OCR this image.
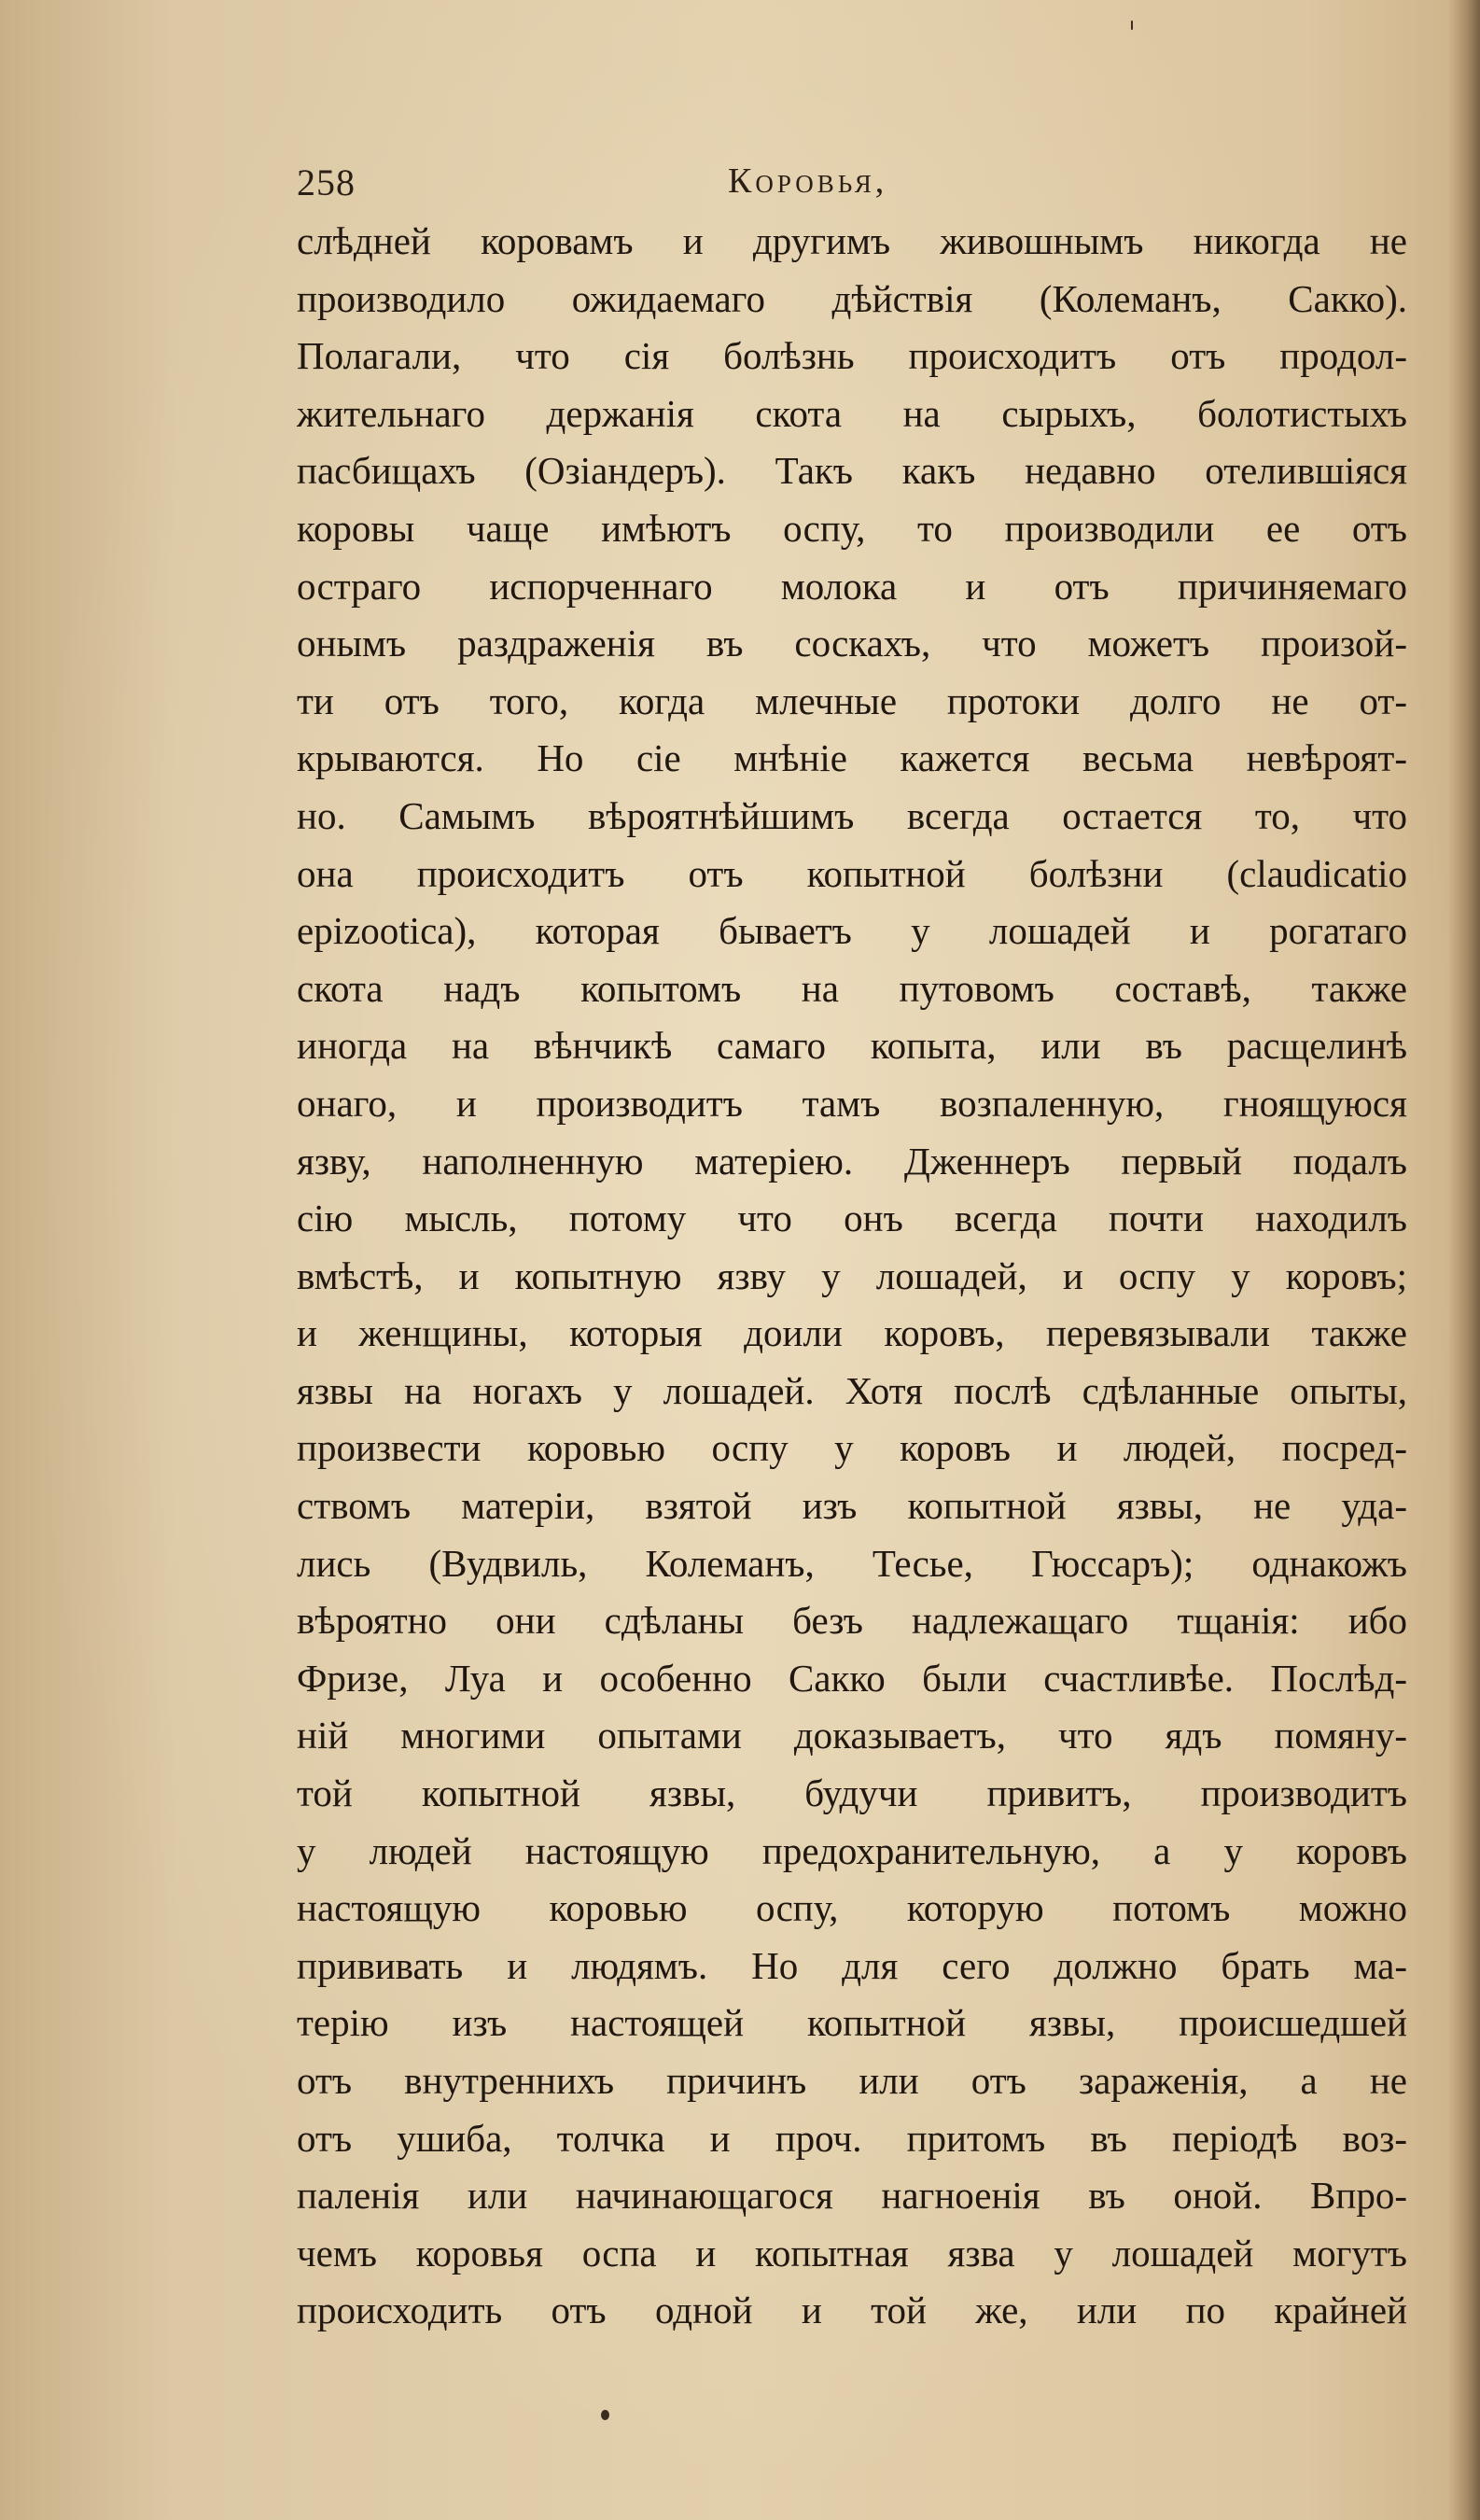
258	Коровья,
слѣдней коровамъ и другимъ живошнымъ никогда не
производило ожидаемаго дѣйствія (Колеманъ, Сакко).
Полагали, что сія болѣзнь происходитъ отъ продол-
жительнаго держанія скота на сырыхъ, болотистыхъ
пасбищахъ (Озіандеръ). Такъ какъ недавно отелившіяся
коровы чаще имѣютъ оспу, то производили ее отъ
остраго испорченнаго молока и отъ причиняемаго
онымъ раздраженія въ соскахъ, что можетъ произой-
ти отъ того, когда млечные протоки долго не от-
крываются. Но сіе мнѣніе кажется весьма невѣроят-
но. Самымъ вѣроятнѣйшимъ всегда остается то, что
она происходитъ отъ копытной болѣзни (claudicatio
epizootica), которая бываетъ у лошадей и рогатаго
скота надъ копытомъ на путовомъ составѣ, также
иногда на вѣнчикѣ самаго копыта, или въ расщелинѣ
онаго, и производитъ тамъ возпаленную, гноящуюся
язву, наполненную матеріею. Дженнеръ первый подалъ
сію мысль, потому что онъ всегда почти находилъ
вмѣстѣ, и копытную язву у лошадей, и оспу у коровъ;
и женщины, которыя доили коровъ, перевязывали также
язвы на ногахъ у лошадей. Хотя послѣ сдѣланные опыты,
произвести коровью оспу у коровъ и людей, посред-
ствомъ матеріи, взятой изъ копытной язвы, не уда-
лись (Вудвиль, Колеманъ, Тесье, Гюссаръ); однакожъ
вѣроятно они сдѣланы безъ надлежащаго тщанія: ибо
Фризе, Луа и особенно Сакко были счастливѣе. Послѣд-
ній многими опытами доказываетъ, что ядъ помяну-
той копытной язвы, будучи привитъ, производитъ
у людей настоящую предохранительную, а у коровъ
настоящую коровью оспу, которую потомъ можно
прививать и людямъ. Но для сего должно брать ма-
терію изъ настоящей копытной язвы, происшедшей
отъ внутреннихъ причинъ или отъ зараженія, а не
отъ ушиба, толчка и проч. притомъ въ періодѣ воз-
паленія или начинающагося нагноенія въ оной. Впро-
чемъ коровья оспа и копытная язва у лошадей могутъ
происходить отъ одной и той же, или по крайней
